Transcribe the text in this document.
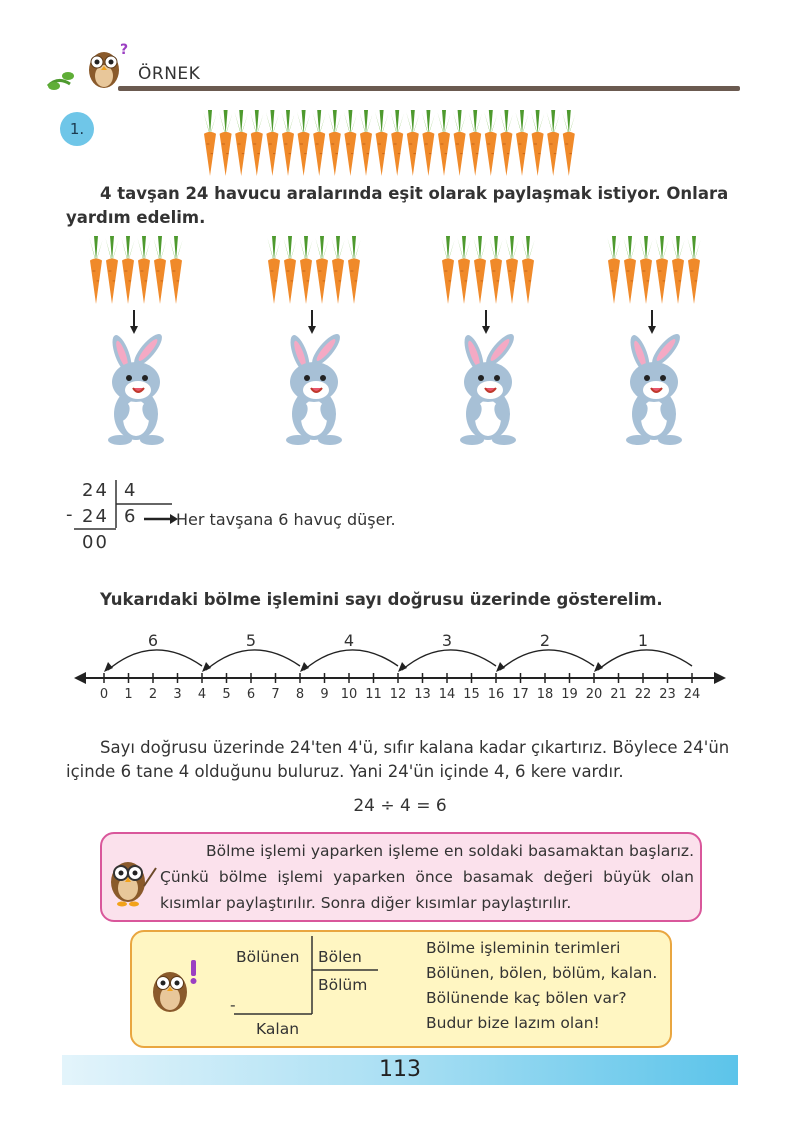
?
ÖRNEK
1.
4 tavşan 24 havucu aralarında eşit olarak paylaşmak istiyor. Onlara yardım edelim.
24 4
- 24 6
00
Her tavşana 6 havuç düşer.
Yukarıdaki bölme işlemini sayı doğrusu üzerinde gösterelim.
0 1 2 3 4 5 6 7 8 9 10 11 12 13 14 15 16 17 18 19 20 21 22 23 24
1
2
3
4
5
6
Sayı doğrusu üzerinde 24'ten 4'ü, sıfır kalana kadar çıkartırız. Böylece 24'ün içinde 6 tane 4 olduğunu buluruz. Yani 24'ün içinde 4, 6 kere vardır.
24 ÷ 4 = 6
Bölme işlemi yaparken işleme en soldaki basamaktan başlarız. Çünkü bölme işlemi yaparken önce basamak değeri büyük olan kısımlar paylaştırılır. Sonra diğer kısımlar paylaştırılır.
Bölünen Bölen
Bölüm
-
Kalan
Bölme işleminin terimleri
Bölünen, bölen, bölüm, kalan.
Bölünende kaç bölen var?
Budur bize lazım olan!
113
